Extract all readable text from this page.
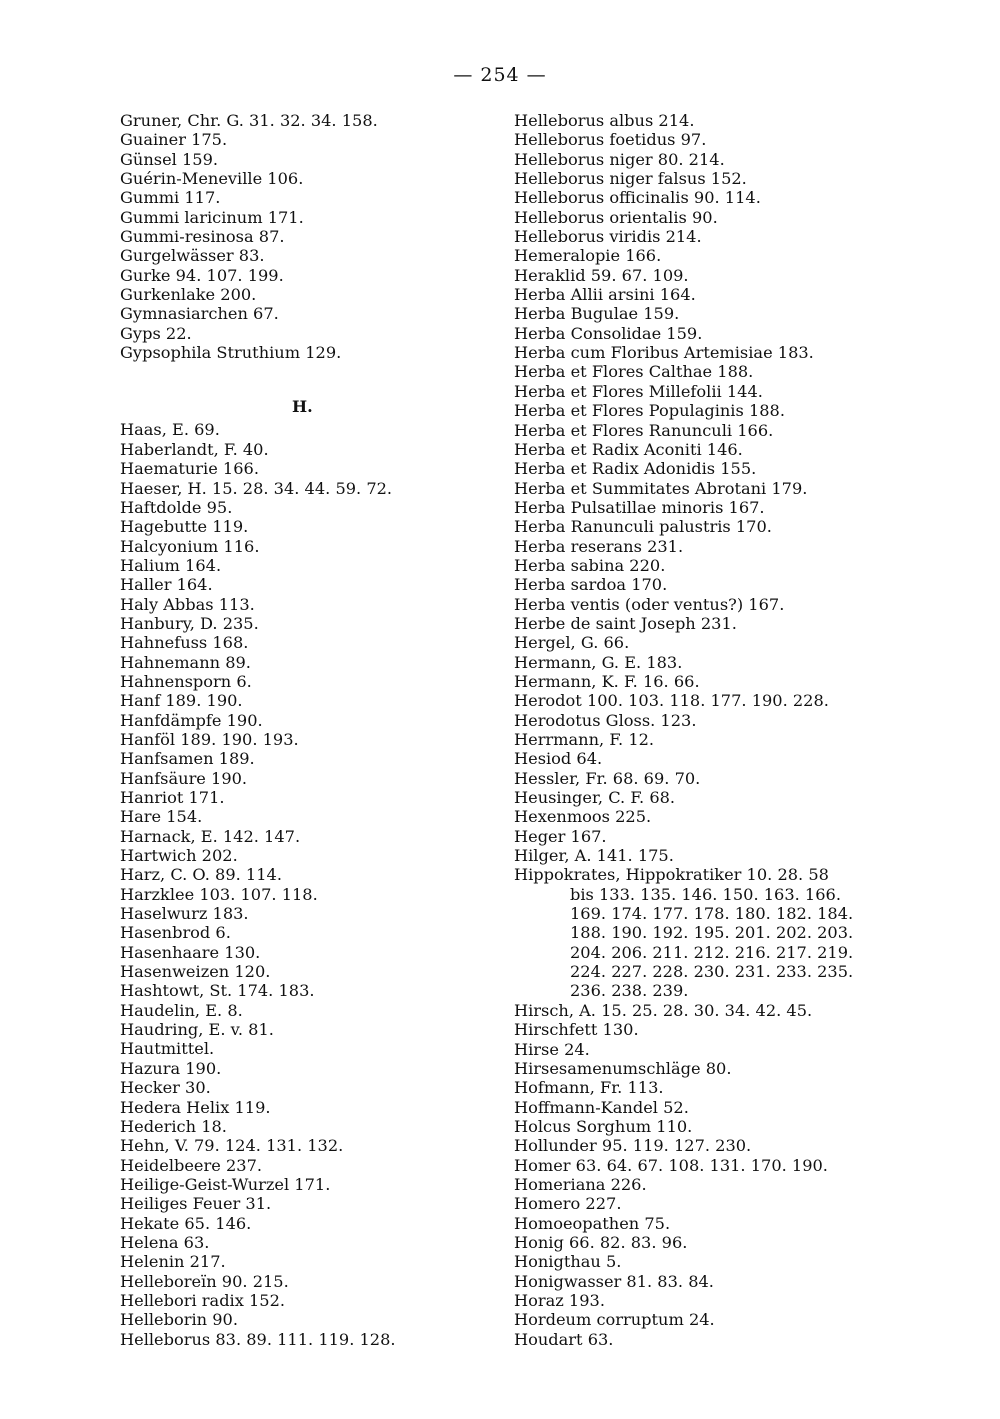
— 254 —
Gruner, Chr. G. 31. 32. 34. 158.
Guainer 175.
Günsel 159.
Guérin-Meneville 106.
Gummi 117.
Gummi laricinum 171.
Gummi-resinosa 87.
Gurgelwässer 83.
Gurke 94. 107. 199.
Gurkenlake 200.
Gymnasiarchen 67.
Gyps 22.
Gypsophila Struthium 129.
Haas, E. 69.
Haberlandt, F. 40.
Haematurie 166.
Haeser, H. 15. 28. 34. 44. 59. 72.
Haftdolde 95.
Hagebutte 119.
Halcyonium 116.
Halium 164.
Haller 164.
Haly Abbas 113.
Hanbury, D. 235.
Hahnefuss 168.
Hahnemann 89.
Hahnensporn 6.
Hanf 189. 190.
Hanfdämpfe 190.
Hanföl 189. 190. 193.
Hanfsamen 189.
Hanfsäure 190.
Hanriot 171.
Hare 154.
Harnack, E. 142. 147.
Hartwich 202.
Harz, C. O. 89. 114.
Harzklee 103. 107. 118.
Haselwurz 183.
Hasenbrod 6.
Hasenhaare 130.
Hasenweizen 120.
Hashtowt, St. 174. 183.
Haudelin, E. 8.
Haudring, E. v. 81.
Hautmittel.
Hazura 190.
Hecker 30.
Hedera Helix 119.
Hederich 18.
Hehn, V. 79. 124. 131. 132.
Heidelbeere 237.
Heilige-Geist-Wurzel 171.
Heiliges Feuer 31.
Hekate 65. 146.
Helena 63.
Helenin 217.
Helleboreïn 90. 215.
Hellebori radix 152.
Helleborin 90.
Helleborus 83. 89. 111. 119. 128.
H.
Helleborus albus 214.
Helleborus foetidus 97.
Helleborus niger 80. 214.
Helleborus niger falsus 152.
Helleborus officinalis 90. 114.
Helleborus orientalis 90.
Helleborus viridis 214.
Hemeralopie 166.
Heraklid 59. 67. 109.
Herba Allii arsini 164.
Herba Bugulae 159.
Herba Consolidae 159.
Herba cum Floribus Artemisiae 183.
Herba et Flores Calthae 188.
Herba et Flores Millefolii 144.
Herba et Flores Populaginis 188.
Herba et Flores Ranunculi 166.
Herba et Radix Aconiti 146.
Herba et Radix Adonidis 155.
Herba et Summitates Abrotani 179.
Herba Pulsatillae minoris 167.
Herba Ranunculi palustris 170.
Herba reserans 231.
Herba sabina 220.
Herba sardoa 170.
Herba ventis (oder ventus?) 167.
Herbe de saint Joseph 231.
Hergel, G. 66.
Hermann, G. E. 183.
Hermann, K. F. 16. 66.
Herodot 100. 103. 118. 177. 190. 228.
Herodotus Gloss. 123.
Herrmann, F. 12.
Hesiod 64.
Hessler, Fr. 68. 69. 70.
Heusinger, C. F. 68.
Hexenmoos 225.
Heger 167.
Hilger, A. 141. 175.
Hippokrates, Hippokratiker 10. 28. 58
bis 133. 135. 146. 150. 163. 166.
169. 174. 177. 178. 180. 182. 184.
188. 190. 192. 195. 201. 202. 203.
204. 206. 211. 212. 216. 217. 219.
224. 227. 228. 230. 231. 233. 235.
236. 238. 239.
Hirsch, A. 15. 25. 28. 30. 34. 42. 45.
Hirschfett 130.
Hirse 24.
Hirsesamenumschläge 80.
Hofmann, Fr. 113.
Hoffmann-Kandel 52.
Holcus Sorghum 110.
Hollunder 95. 119. 127. 230.
Homer 63. 64. 67. 108. 131. 170. 190.
Homeriana 226.
Homero 227.
Homoeopathen 75.
Honig 66. 82. 83. 96.
Honigthau 5.
Honigwasser 81. 83. 84.
Horaz 193.
Hordeum corruptum 24.
Houdart 63.
